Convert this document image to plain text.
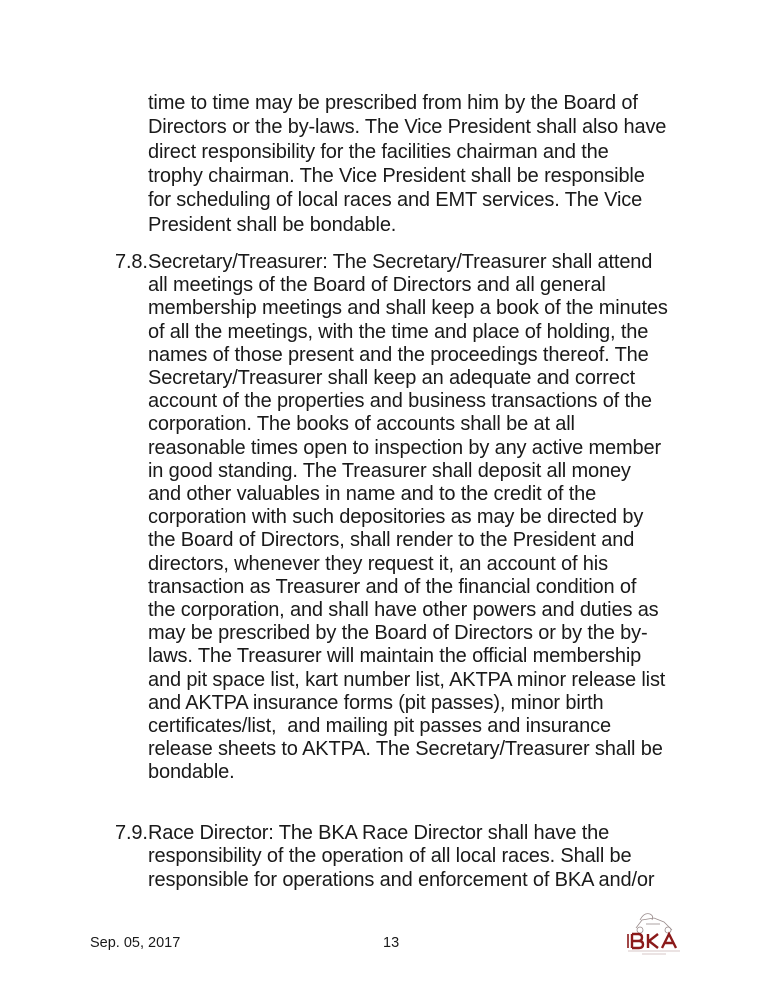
time to time may be prescribed from him by the Board of
Directors or the by-laws. The Vice President shall also have
direct responsibility for the facilities chairman and the
trophy chairman. The Vice President shall be responsible
for scheduling of local races and EMT services. The Vice
President shall be bondable.
7.8. Secretary/Treasurer: The Secretary/Treasurer shall attend
all meetings of the Board of Directors and all general
membership meetings and shall keep a book of the minutes
of all the meetings, with the time and place of holding, the
names of those present and the proceedings thereof. The
Secretary/Treasurer shall keep an adequate and correct
account of the properties and business transactions of the
corporation. The books of accounts shall be at all
reasonable times open to inspection by any active member
in good standing. The Treasurer shall deposit all money
and other valuables in name and to the credit of the
corporation with such depositories as may be directed by
the Board of Directors, shall render to the President and
directors, whenever they request it, an account of his
transaction as Treasurer and of the financial condition of
the corporation, and shall have other powers and duties as
may be prescribed by the Board of Directors or by the by-
laws. The Treasurer will maintain the official membership
and pit space list, kart number list, AKTPA minor release list
and AKTPA insurance forms (pit passes), minor birth
certificates/list,  and mailing pit passes and insurance
release sheets to AKTPA. The Secretary/Treasurer shall be
bondable.
7.9. Race Director: The BKA Race Director shall have the
responsibility of the operation of all local races. Shall be
responsible for operations and enforcement of BKA and/or
Sep. 05, 2017	13
